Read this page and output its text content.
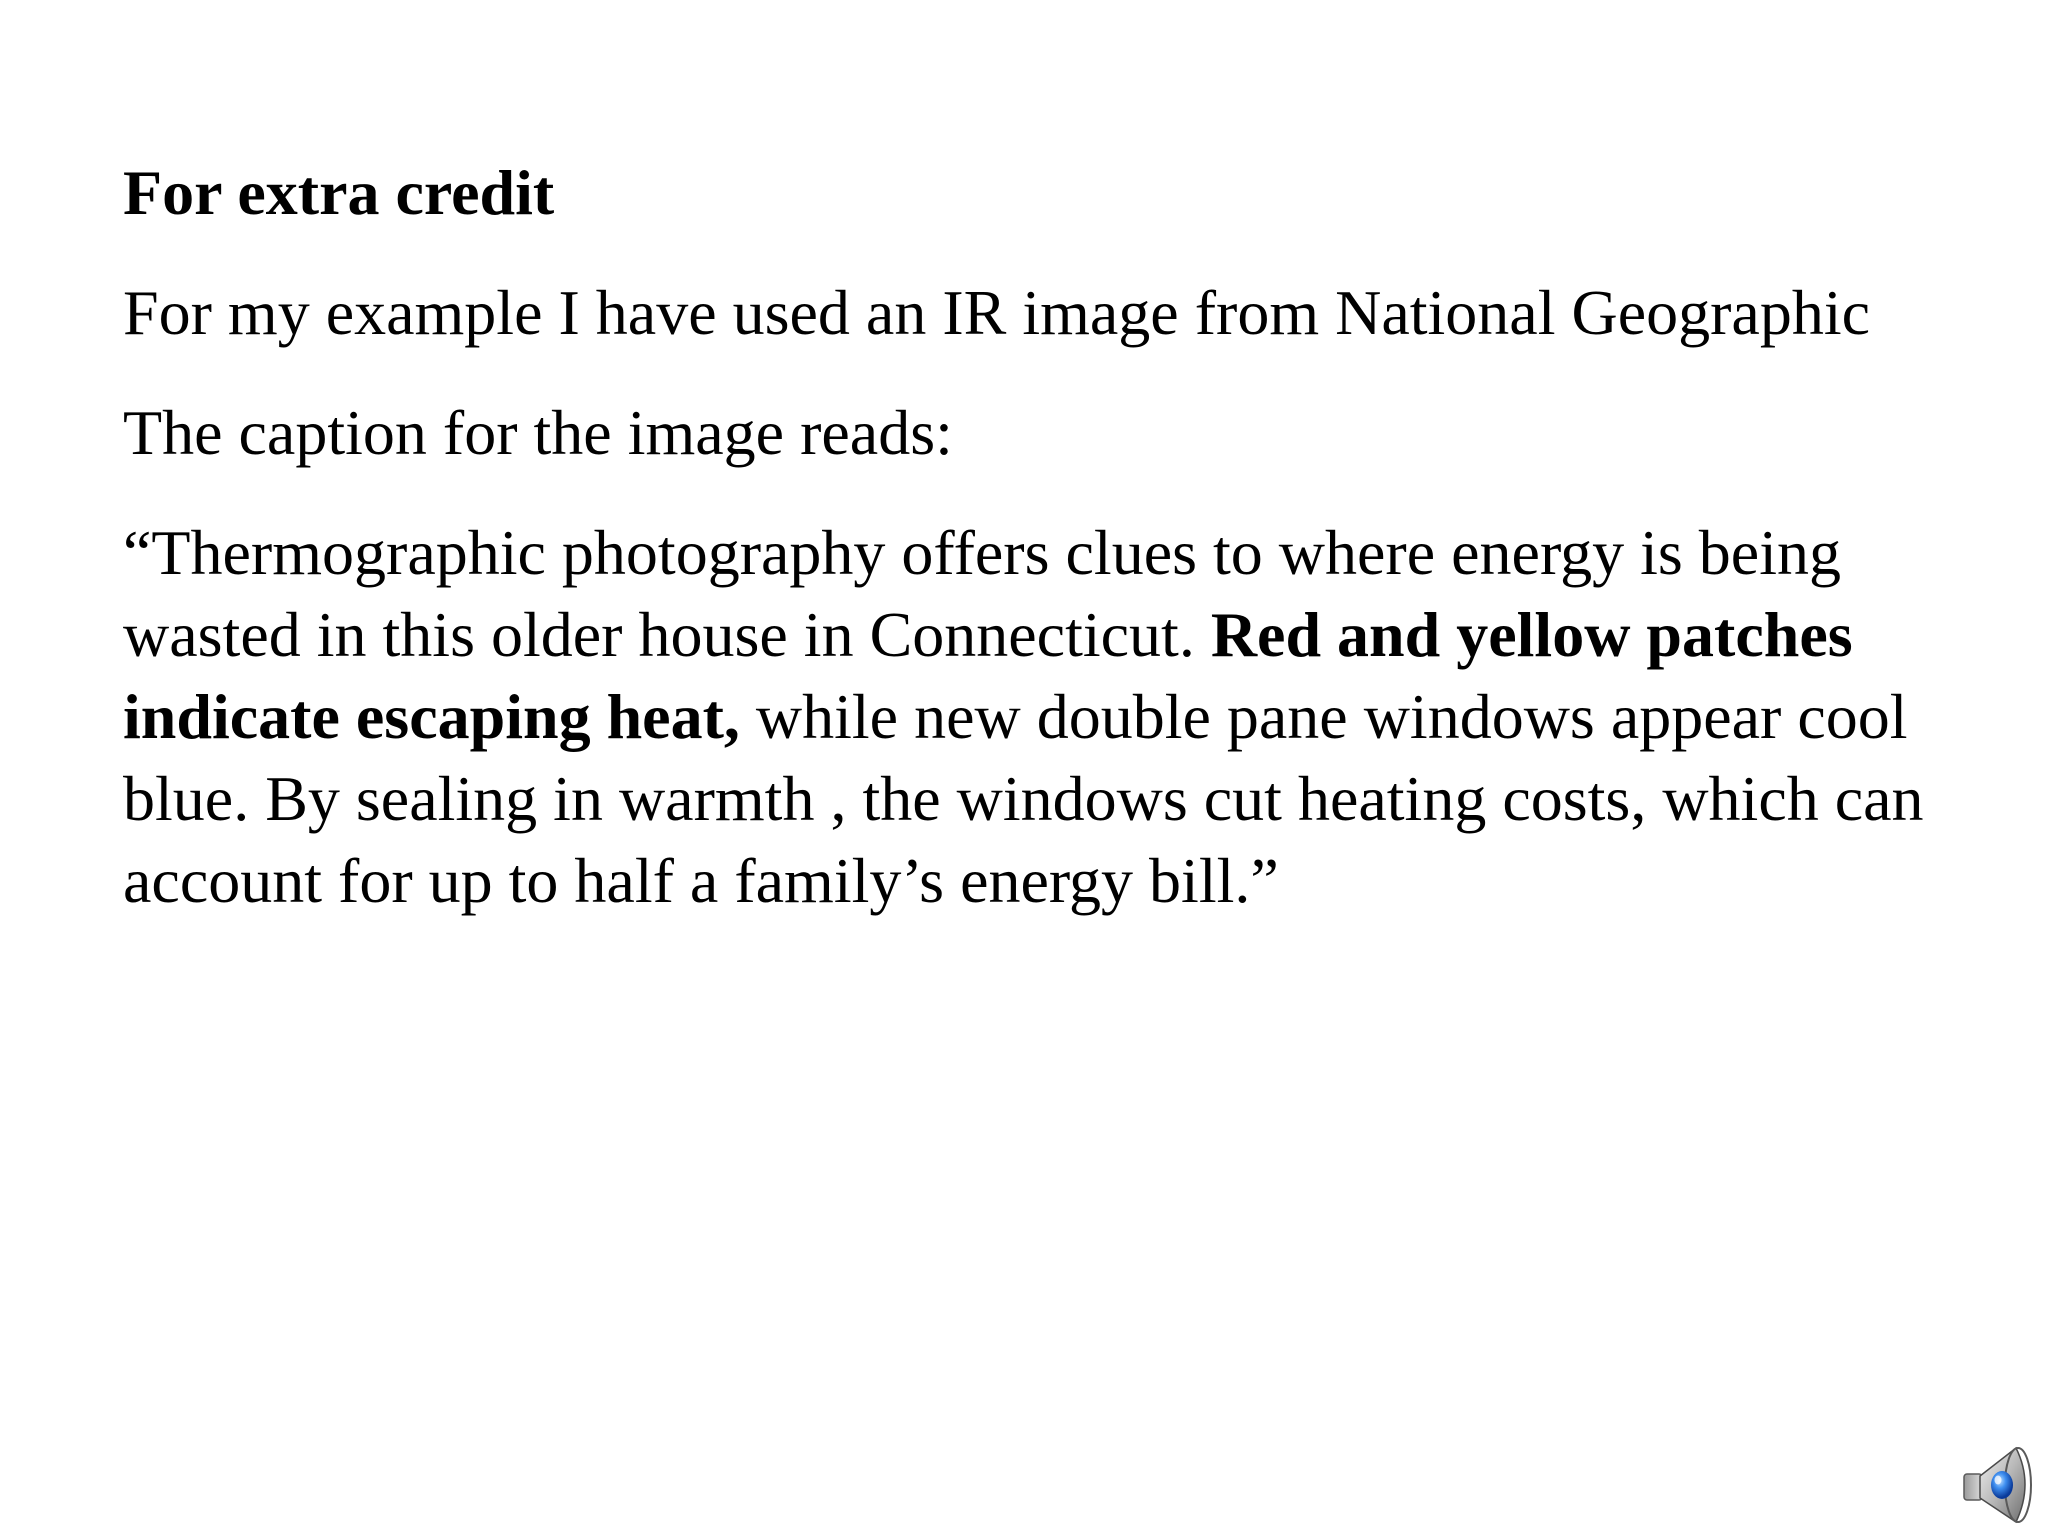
For extra credit
For my example I have used an IR image from National Geographic
The caption for the image reads:
“Thermographic photography offers clues to where energy is being wasted in this older house in Connecticut. Red and yellow patches indicate escaping heat, while new double pane windows appear cool blue. By sealing in warmth , the windows cut heating costs, which can account for up to half a family’s energy bill.”
